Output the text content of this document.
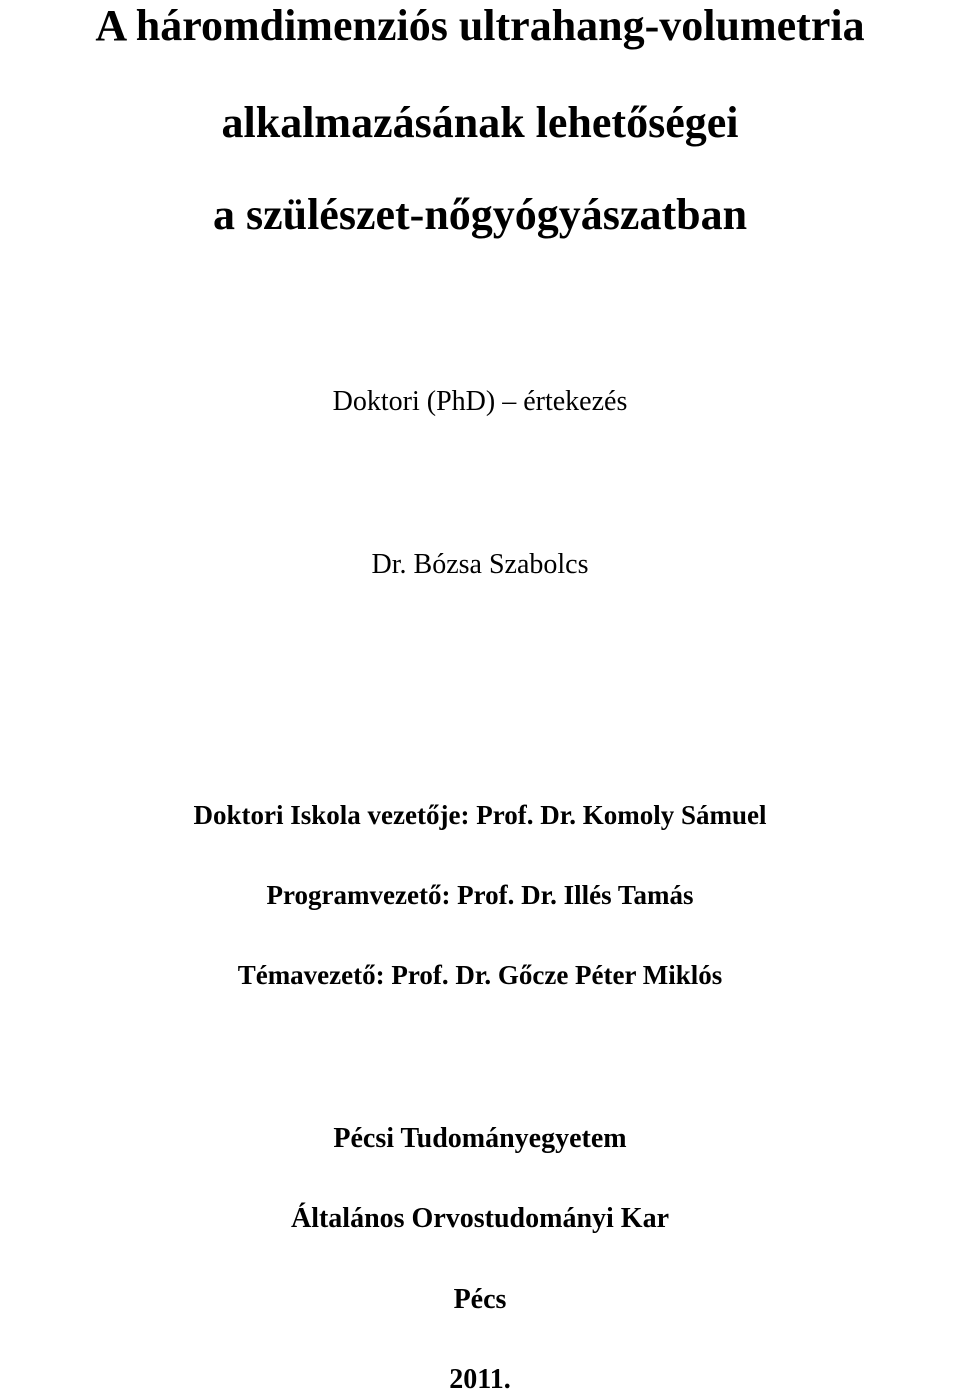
A háromdimenziós ultrahang-volumetria
alkalmazásának lehetőségei
a szülészet-nőgyógyászatban
Doktori (PhD) – értekezés
Dr. Bózsa Szabolcs
Doktori Iskola vezetője: Prof. Dr. Komoly Sámuel
Programvezető: Prof. Dr. Illés Tamás
Témavezető: Prof. Dr. Gőcze Péter Miklós
Pécsi Tudományegyetem
Általános Orvostudományi Kar
Pécs
2011.
